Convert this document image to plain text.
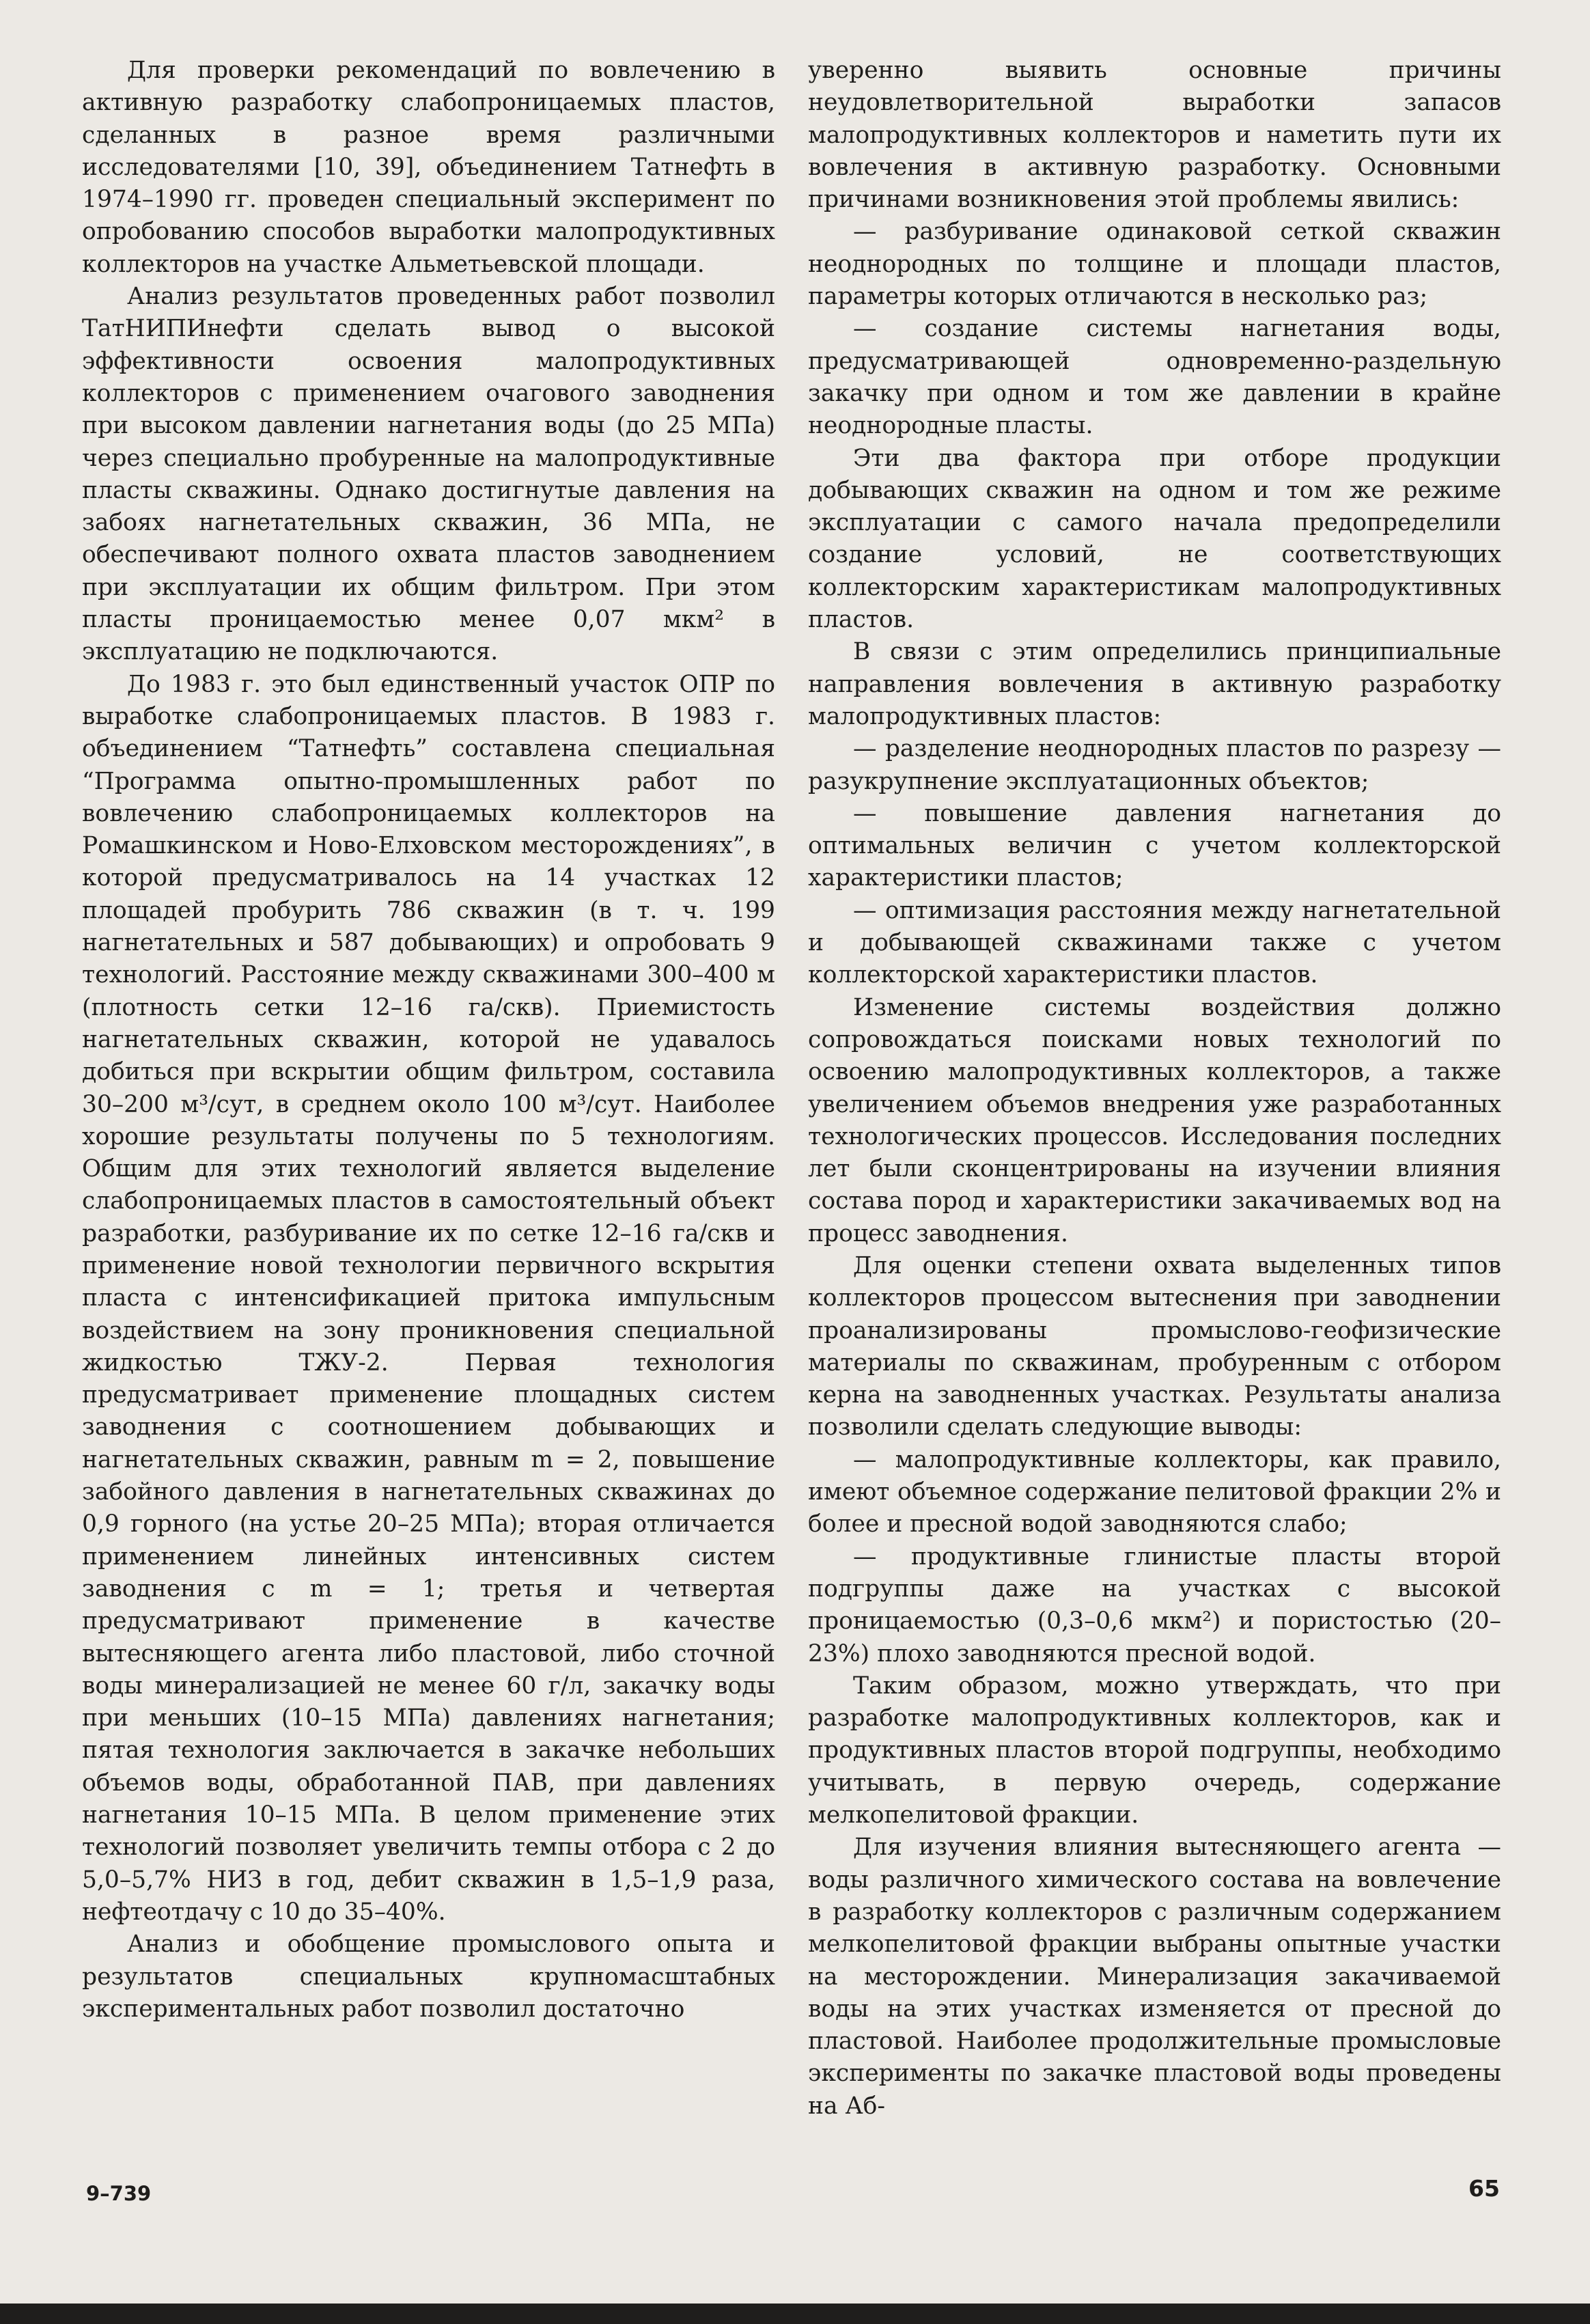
Для проверки рекомендаций по вовлечению в активную разработку слабопроницаемых пластов, сделанных в разное время различными исследователями [10, 39], объединением Татнефть в 1974–1990 гг. проведен специальный эксперимент по опробованию способов выработки малопродуктивных коллекторов на участке Альметьевской площади.

Анализ результатов проведенных работ позволил ТатНИПИнефти сделать вывод о высокой эффективности освоения малопродуктивных коллекторов с применением очагового заводнения при высоком давлении нагнетания воды (до 25 МПа) через специально пробуренные на малопродуктивные пласты скважины. Однако достигнутые давления на забоях нагнетательных скважин, 36 МПа, не обеспечивают полного охвата пластов заводнением при эксплуатации их общим фильтром. При этом пласты проницаемостью менее 0,07 мкм² в эксплуатацию не подключаются.

До 1983 г. это был единственный участок ОПР по выработке слабопроницаемых пластов. В 1983 г. объединением “Татнефть” составлена специальная “Программа опытно-промышленных работ по вовлечению слабопроницаемых коллекторов на Ромашкинском и Ново-Елховском месторождениях”, в которой предусматривалось на 14 участках 12 площадей пробурить 786 скважин (в т. ч. 199 нагнетательных и 587 добывающих) и опробовать 9 технологий. Расстояние между скважинами 300–400 м (плотность сетки 12–16 га/скв). Приемистость нагнетательных скважин, которой не удавалось добиться при вскрытии общим фильтром, составила 30–200 м³/сут, в среднем около 100 м³/сут. Наиболее хорошие результаты получены по 5 технологиям. Общим для этих технологий является выделение слабопроницаемых пластов в самостоятельный объект разработки, разбуривание их по сетке 12–16 га/скв и применение новой технологии первичного вскрытия пласта с интенсификацией притока импульсным воздействием на зону проникновения специальной жидкостью ТЖУ-2. Первая технология предусматривает применение площадных систем заводнения с соотношением добывающих и нагнетательных скважин, равным m = 2, повышение забойного давления в нагнетательных скважинах до 0,9 горного (на устье 20–25 МПа); вторая отличается применением линейных интенсивных систем заводнения с m = 1; третья и четвертая предусматривают применение в качестве вытесняющего агента либо пластовой, либо сточной воды минерализацией не менее 60 г/л, закачку воды при меньших (10–15 МПа) давлениях нагнетания; пятая технология заключается в закачке небольших объемов воды, обработанной ПАВ, при давлениях нагнетания 10–15 МПа. В целом применение этих технологий позволяет увеличить темпы отбора с 2 до 5,0–5,7% НИЗ в год, дебит скважин в 1,5–1,9 раза, нефтеотдачу с 10 до 35–40%.

Анализ и обобщение промыслового опыта и результатов специальных крупномасштабных экспериментальных работ позволил достаточно

уверенно выявить основные причины неудовлетворительной выработки запасов малопродуктивных коллекторов и наметить пути их вовлечения в активную разработку. Основными причинами возникновения этой проблемы явились:

— разбуривание одинаковой сеткой скважин неоднородных по толщине и площади пластов, параметры которых отличаются в несколько раз;

— создание системы нагнетания воды, предусматривающей одновременно-раздельную закачку при одном и том же давлении в крайне неоднородные пласты.

Эти два фактора при отборе продукции добывающих скважин на одном и том же режиме эксплуатации с самого начала предопределили создание условий, не соответствующих коллекторским характеристикам малопродуктивных пластов.

В связи с этим определились принципиальные направления вовлечения в активную разработку малопродуктивных пластов:

— разделение неоднородных пластов по разрезу — разукрупнение эксплуатационных объектов;

— повышение давления нагнетания до оптимальных величин с учетом коллекторской характеристики пластов;

— оптимизация расстояния между нагнетательной и добывающей скважинами также с учетом коллекторской характеристики пластов.

Изменение системы воздействия должно сопровождаться поисками новых технологий по освоению малопродуктивных коллекторов, а также увеличением объемов внедрения уже разработанных технологических процессов. Исследования последних лет были сконцентрированы на изучении влияния состава пород и характеристики закачиваемых вод на процесс заводнения.

Для оценки степени охвата выделенных типов коллекторов процессом вытеснения при заводнении проанализированы промыслово-геофизические материалы по скважинам, пробуренным с отбором керна на заводненных участках. Результаты анализа позволили сделать следующие выводы:

— малопродуктивные коллекторы, как правило, имеют объемное содержание пелитовой фракции 2% и более и пресной водой заводняются слабо;

— продуктивные глинистые пласты второй подгруппы даже на участках с высокой проницаемостью (0,3–0,6 мкм²) и пористостью (20–23%) плохо заводняются пресной водой.

Таким образом, можно утверждать, что при разработке малопродуктивных коллекторов, как и продуктивных пластов второй подгруппы, необходимо учитывать, в первую очередь, содержание мелкопелитовой фракции.

Для изучения влияния вытесняющего агента — воды различного химического состава на вовлечение в разработку коллекторов с различным содержанием мелкопелитовой фракции выбраны опытные участки на месторождении. Минерализация закачиваемой воды на этих участках изменяется от пресной до пластовой. Наиболее продолжительные промысловые эксперименты по закачке пластовой воды проведены на Аб-

9–739	65
